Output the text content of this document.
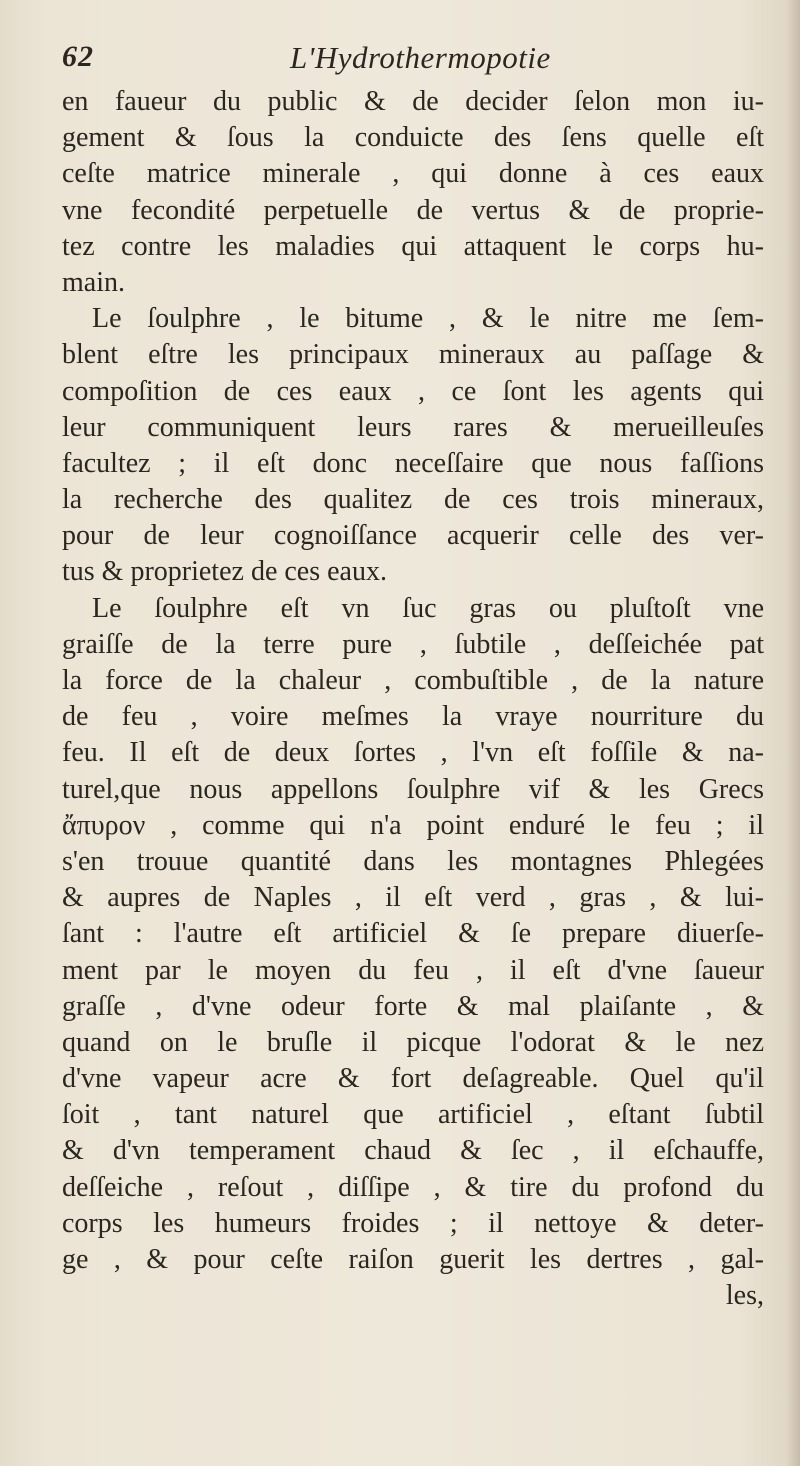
62	L'Hydrothermopotie
en faueur du public & de decider ſelon mon iu-
gement & ſous la conduicte des ſens quelle eſt
ceſte matrice minerale , qui donne à ces eaux
vne fecondité perpetuelle de vertus & de proprie-
tez contre les maladies qui attaquent le corps hu-
main.
Le ſoulphre , le bitume , & le nitre me ſem-
blent eſtre les principaux mineraux au paſſage &
compoſition de ces eaux , ce ſont les agents qui
leur communiquent leurs rares & merueilleuſes
facultez ; il eſt donc neceſſaire que nous faſſions
la recherche des qualitez de ces trois mineraux,
pour de leur cognoiſſance acquerir celle des ver-
tus & proprietez de ces eaux.
Le ſoulphre eſt vn ſuc gras ou pluſtoſt vne
graiſſe de la terre pure , ſubtile , deſſeichée pat
la force de la chaleur , combuſtible , de la nature
de feu , voire meſmes la vraye nourriture du
feu. Il eſt de deux ſortes , l'vn eſt foſſile & na-
turel,que nous appellons ſoulphre vif & les Grecs
ἄπυρον , comme qui n'a point enduré le feu ; il
s'en trouue quantité dans les montagnes Phlegées
& aupres de Naples , il eſt verd , gras , & lui-
ſant : l'autre eſt artificiel & ſe prepare diuerſe-
ment par le moyen du feu , il eſt d'vne ſaueur
graſſe , d'vne odeur forte & mal plaiſante , &
quand on le bruſle il picque l'odorat & le nez
d'vne vapeur acre & fort deſagreable. Quel qu'il
ſoit , tant naturel que artificiel , eſtant ſubtil
& d'vn temperament chaud & ſec , il eſchauffe,
deſſeiche , reſout , diſſipe , & tire du profond du
corps les humeurs froides ; il nettoye & deter-
ge , & pour ceſte raiſon guerit les dertres , gal-
les,
